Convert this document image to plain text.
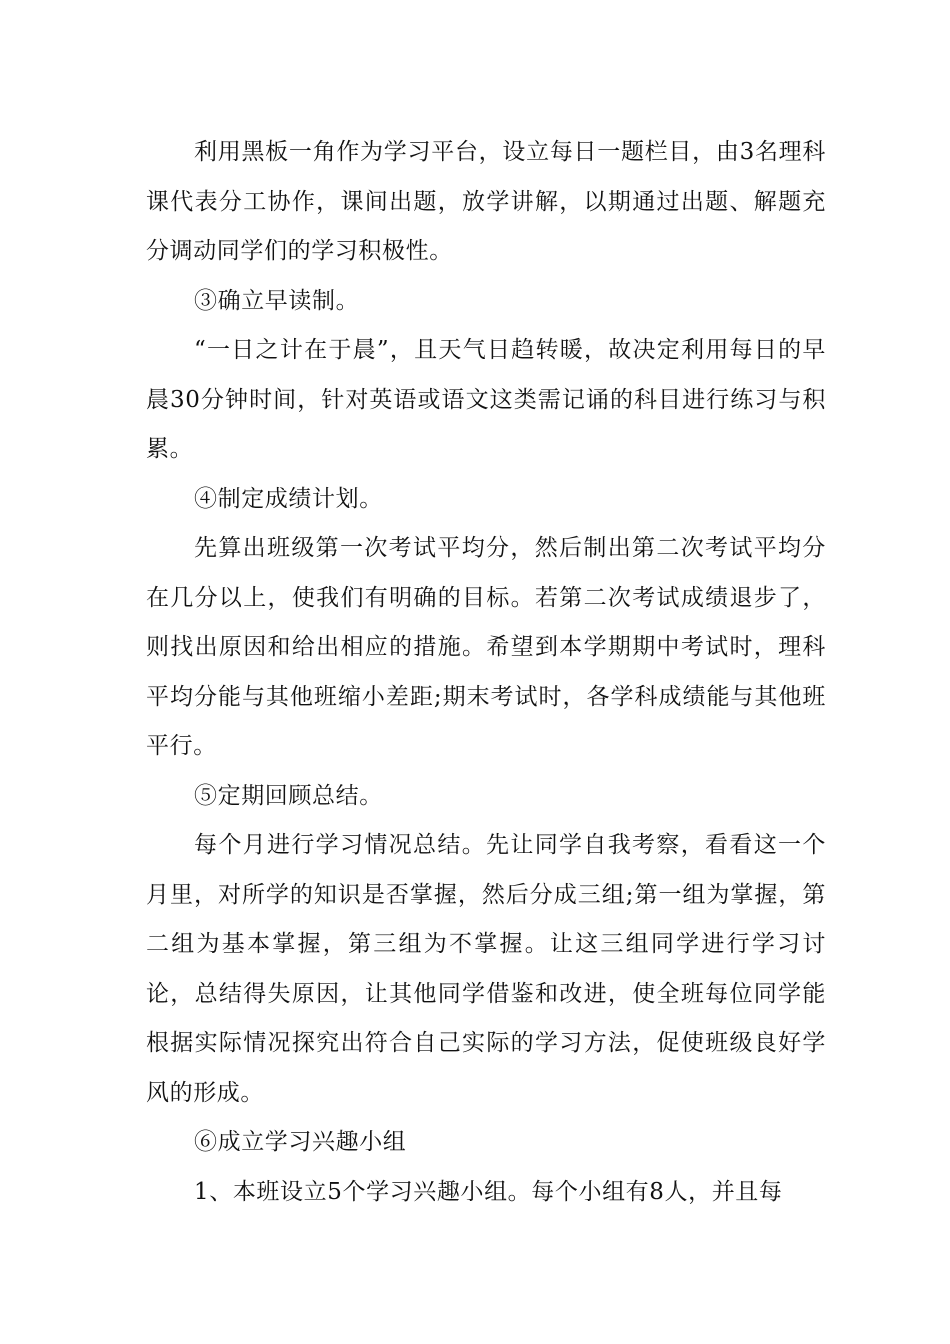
利用黑板一角作为学习平台，设立每日一题栏目，由3名理科课代表分工协作，课间出题，放学讲解，以期通过出题、解题充分调动同学们的学习积极性。

③确立早读制。

“一日之计在于晨”，且天气日趋转暖，故决定利用每日的早晨30分钟时间，针对英语或语文这类需记诵的科目进行练习与积累。

④制定成绩计划。

先算出班级第一次考试平均分，然后制出第二次考试平均分在几分以上，使我们有明确的目标。若第二次考试成绩退步了，则找出原因和给出相应的措施。希望到本学期期中考试时，理科平均分能与其他班缩小差距;期末考试时，各学科成绩能与其他班平行。

⑤定期回顾总结。

每个月进行学习情况总结。先让同学自我考察，看看这一个月里，对所学的知识是否掌握，然后分成三组;第一组为掌握，第二组为基本掌握，第三组为不掌握。让这三组同学进行学习讨论，总结得失原因，让其他同学借鉴和改进，使全班每位同学能根据实际情况探究出符合自己实际的学习方法，促使班级良好学风的形成。

⑥成立学习兴趣小组

1、本班设立5个学习兴趣小组。每个小组有8人，并且每
